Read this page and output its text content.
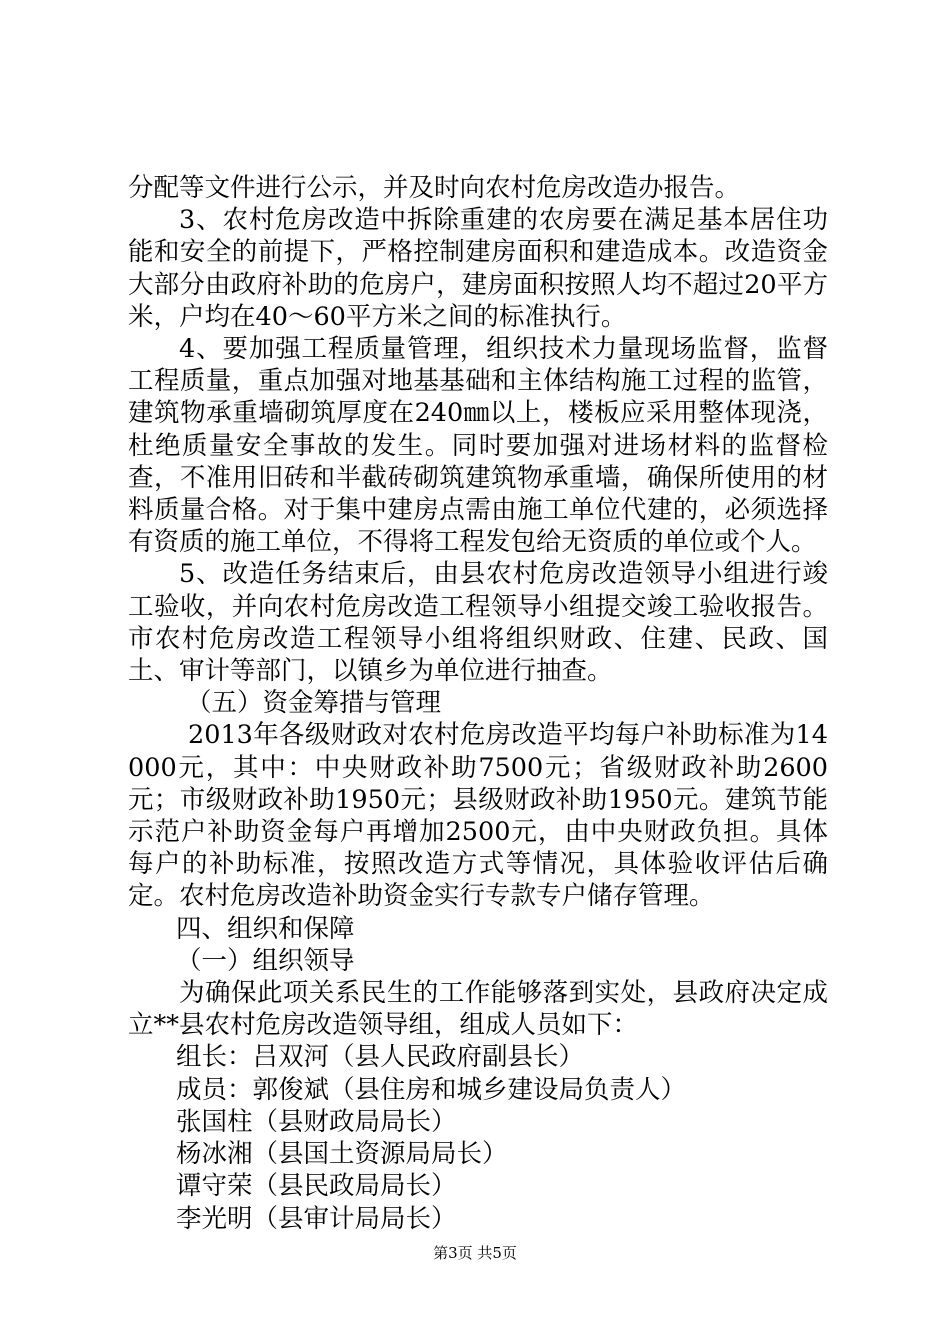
分配等文件进行公示，并及时向农村危房改造办报告。

3、农村危房改造中拆除重建的农房要在满足基本居住功能和安全的前提下，严格控制建房面积和建造成本。改造资金大部分由政府补助的危房户，建房面积按照人均不超过20平方米，户均在40～60平方米之间的标准执行。

4、要加强工程质量管理，组织技术力量现场监督，监督工程质量，重点加强对地基基础和主体结构施工过程的监管，建筑物承重墙砌筑厚度在240㎜以上，楼板应采用整体现浇，杜绝质量安全事故的发生。同时要加强对进场材料的监督检查，不准用旧砖和半截砖砌筑建筑物承重墙，确保所使用的材料质量合格。对于集中建房点需由施工单位代建的，必须选择有资质的施工单位，不得将工程发包给无资质的单位或个人。

5、改造任务结束后，由县农村危房改造领导小组进行竣工验收，并向农村危房改造工程领导小组提交竣工验收报告。市农村危房改造工程领导小组将组织财政、住建、民政、国土、审计等部门，以镇乡为单位进行抽查。

（五）资金筹措与管理

2013年各级财政对农村危房改造平均每户补助标准为14000元，其中：中央财政补助7500元；省级财政补助2600元；市级财政补助1950元；县级财政补助1950元。建筑节能示范户补助资金每户再增加2500元，由中央财政负担。具体每户的补助标准，按照改造方式等情况，具体验收评估后确定。农村危房改造补助资金实行专款专户储存管理。

四、组织和保障

（一）组织领导

为确保此项关系民生的工作能够落到实处，县政府决定成立**县农村危房改造领导组，组成人员如下：

组长：吕双河（县人民政府副县长）

成员：郭俊斌（县住房和城乡建设局负责人）

张国柱（县财政局局长）

杨冰湘（县国土资源局局长）

谭守荣（县民政局局长）

李光明（县审计局局长）

第3页 共5页
